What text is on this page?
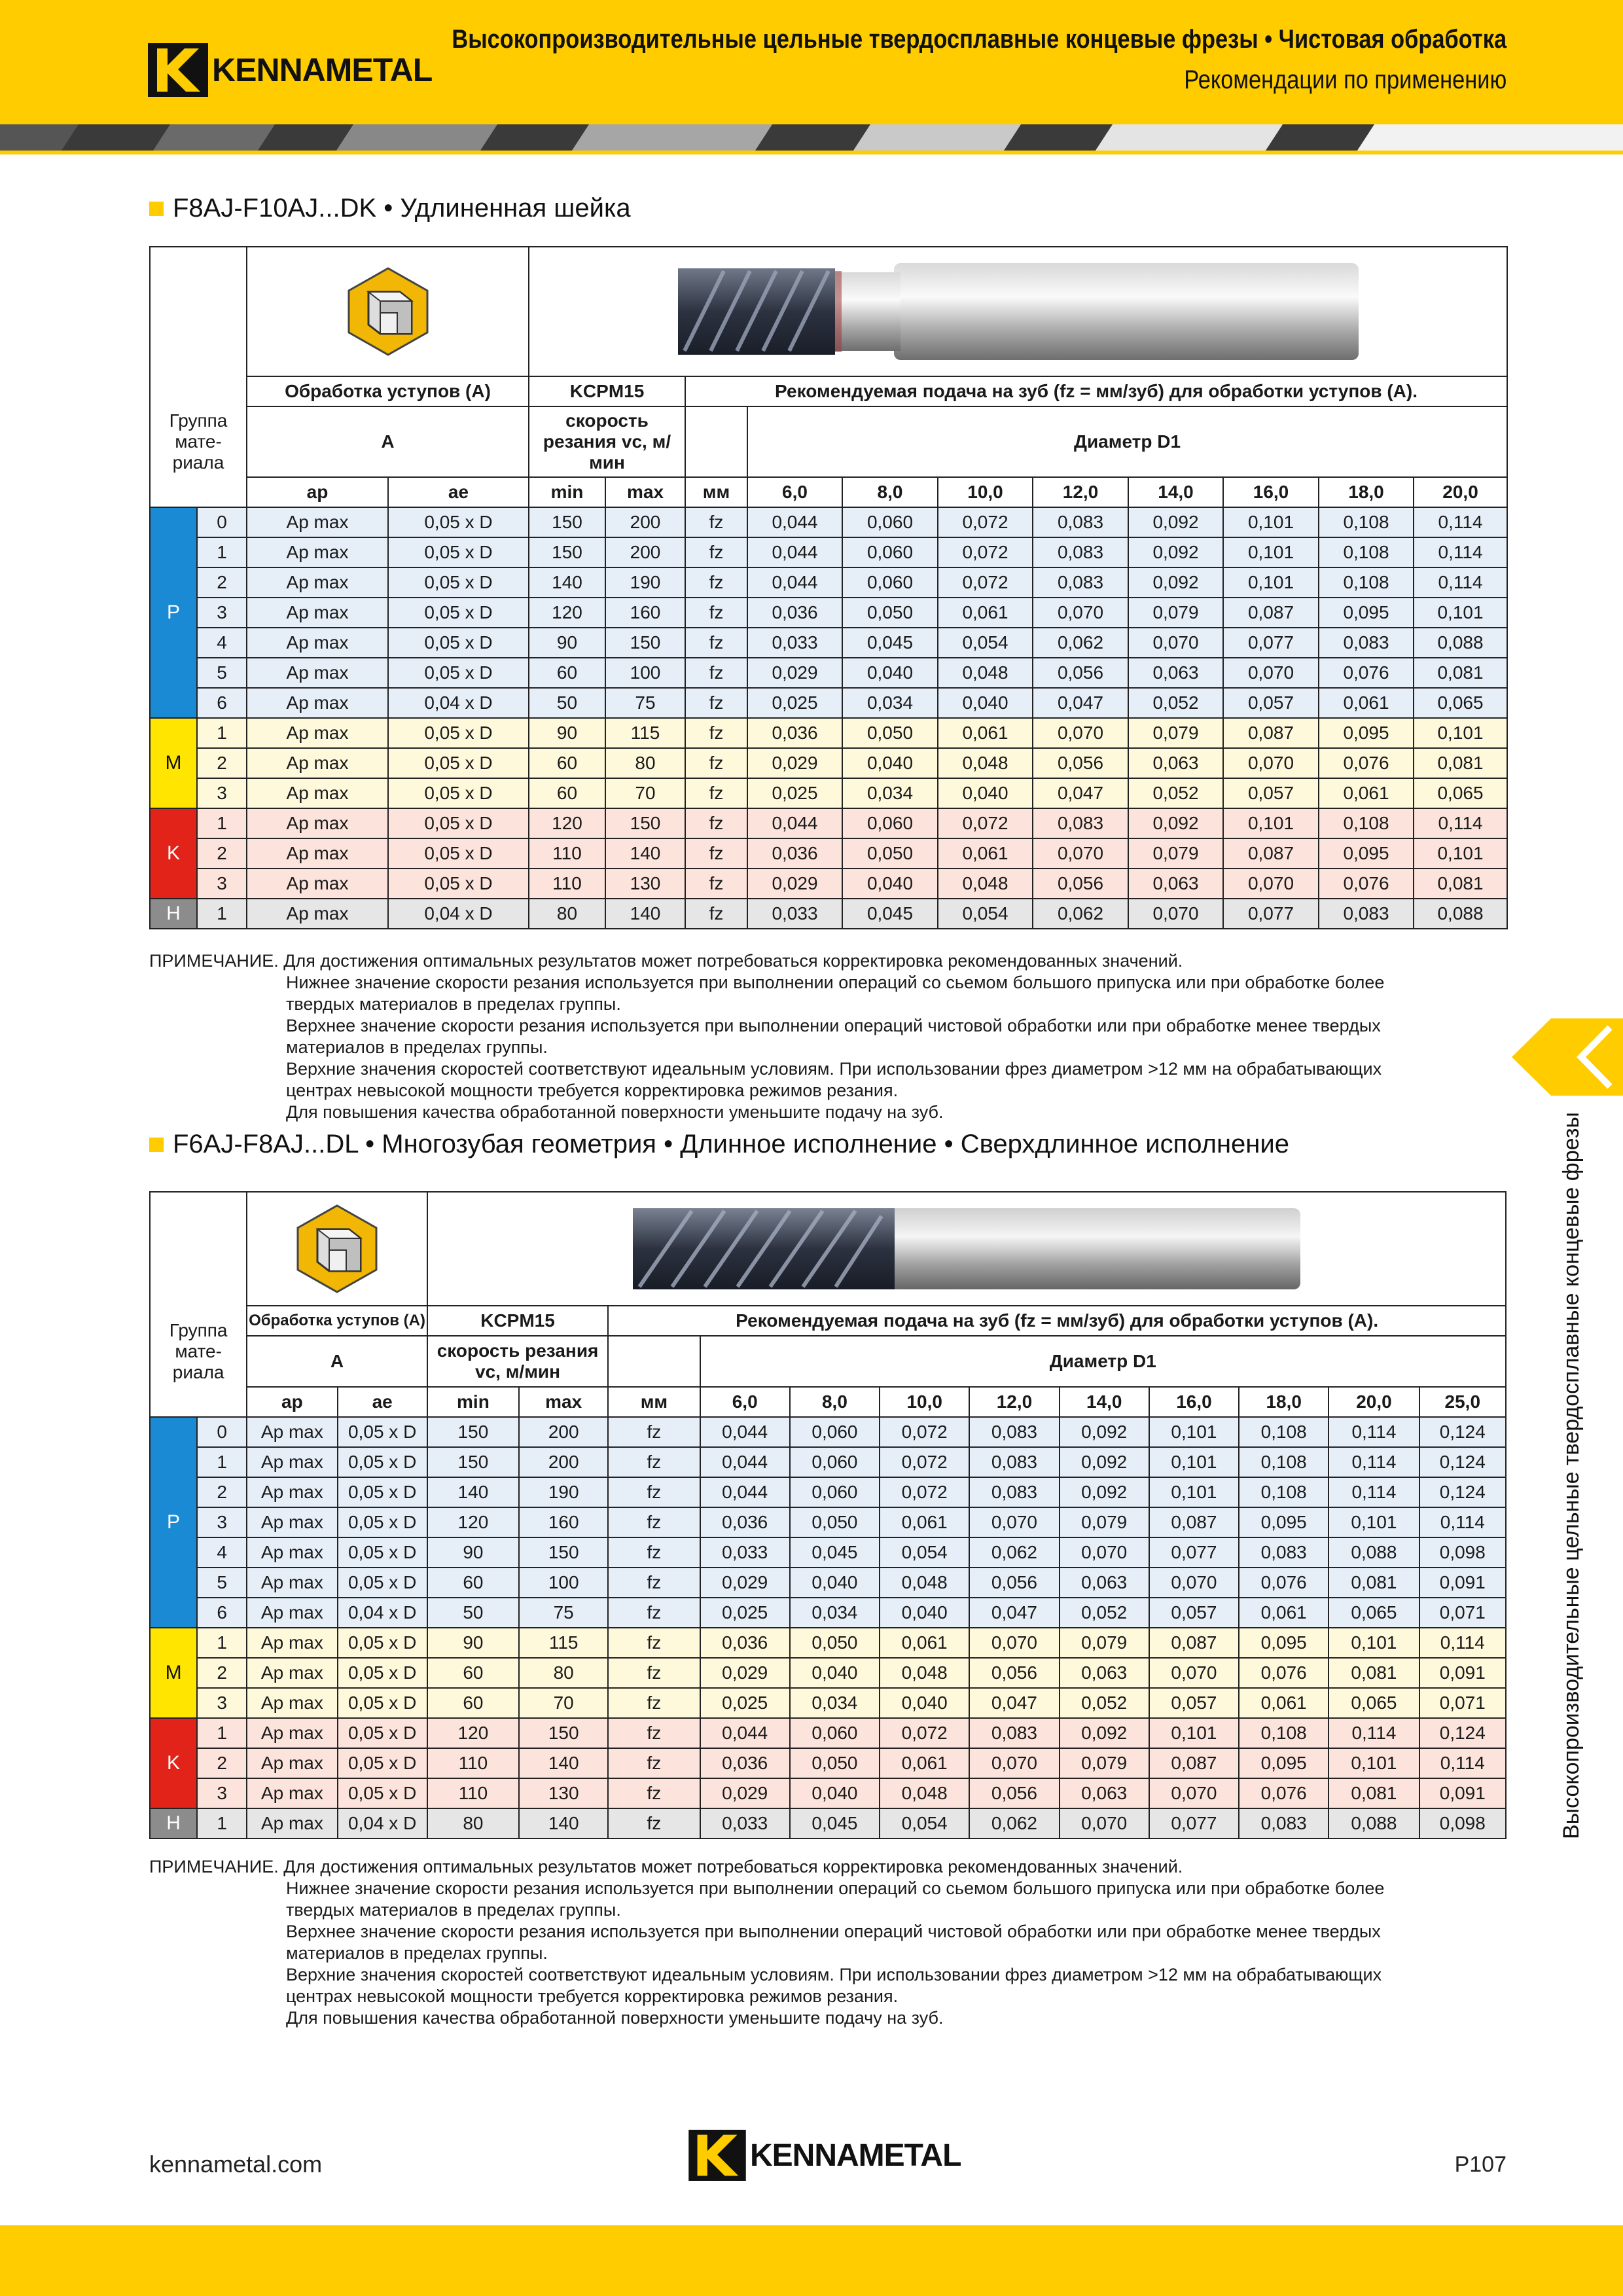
KENNAMETAL
Высокопроизводительные цельные твердосплавные концевые фрезы • Чистовая обработка
Рекомендации по применению
Высокопроизводительные цельные твердосплавные концевые фрезы
F8AJ-F10AJ...DK • Удлиненная шейка
Группа мате-риала	

		Обработка уступов (A)		KCPM15		Рекомендуемая подача на зуб (fz = мм/зуб) для обработки уступов (A).								
		A		скорость резания vc, м/мин			Диаметр D1							
		ap	ae	min	max	мм	6,0	8,0	10,0	12,0	14,0	16,0	18,0	20,0
P	0	Ap max	0,05 x D	150	200	fz	0,044	0,060	0,072	0,083	0,092	0,101	0,108	0,114
	1	Ap max	0,05 x D	150	200	fz	0,044	0,060	0,072	0,083	0,092	0,101	0,108	0,114
	2	Ap max	0,05 x D	140	190	fz	0,044	0,060	0,072	0,083	0,092	0,101	0,108	0,114
	3	Ap max	0,05 x D	120	160	fz	0,036	0,050	0,061	0,070	0,079	0,087	0,095	0,101
	4	Ap max	0,05 x D	90	150	fz	0,033	0,045	0,054	0,062	0,070	0,077	0,083	0,088
	5	Ap max	0,05 x D	60	100	fz	0,029	0,040	0,048	0,056	0,063	0,070	0,076	0,081
	6	Ap max	0,04 x D	50	75	fz	0,025	0,034	0,040	0,047	0,052	0,057	0,061	0,065
M	1	Ap max	0,05 x D	90	115	fz	0,036	0,050	0,061	0,070	0,079	0,087	0,095	0,101
	2	Ap max	0,05 x D	60	80	fz	0,029	0,040	0,048	0,056	0,063	0,070	0,076	0,081
	3	Ap max	0,05 x D	60	70	fz	0,025	0,034	0,040	0,047	0,052	0,057	0,061	0,065
K	1	Ap max	0,05 x D	120	150	fz	0,044	0,060	0,072	0,083	0,092	0,101	0,108	0,114
	2	Ap max	0,05 x D	110	140	fz	0,036	0,050	0,061	0,070	0,079	0,087	0,095	0,101
	3	Ap max	0,05 x D	110	130	fz	0,029	0,040	0,048	0,056	0,063	0,070	0,076	0,081
H	1	Ap max	0,04 x D	80	140	fz	0,033	0,045	0,054	0,062	0,070	0,077	0,083	0,088
ПРИМЕЧАНИЕ. Для достижения оптимальных результатов может потребоваться корректировка рекомендованных значений.
Нижнее значение скорости резания используется при выполнении операций со сьемом большого припуска или при обработке более
твердых материалов в пределах группы.
Верхнее значение скорости резания используется при выполнении операций чистовой обработки или при обработке менее твердых
материалов в пределах группы.
Верхние значения скоростей соответствуют идеальным условиям. При использовании фрез диаметром >12 мм на обрабатывающих
центрах невысокой мощности требуется корректировка режимов резания.
Для повышения качества обработанной поверхности уменьшите подачу на зуб.
F6AJ-F8AJ...DL • Многозубая геометрия • Длинное исполнение • Сверхдлинное исполнение
Группа мате-риала	

		Обработка уступов (A)		KCPM15		Рекомендуемая подача на зуб (fz = мм/зуб) для обработки уступов (A).									
		A		скорость резания vc, м/мин			Диаметр D1								
		ap	ae	min	max	мм	6,0	8,0	10,0	12,0	14,0	16,0	18,0	20,0	25,0
P	0	Ap max	0,05 x D	150	200	fz	0,044	0,060	0,072	0,083	0,092	0,101	0,108	0,114	0,124
	1	Ap max	0,05 x D	150	200	fz	0,044	0,060	0,072	0,083	0,092	0,101	0,108	0,114	0,124
	2	Ap max	0,05 x D	140	190	fz	0,044	0,060	0,072	0,083	0,092	0,101	0,108	0,114	0,124
	3	Ap max	0,05 x D	120	160	fz	0,036	0,050	0,061	0,070	0,079	0,087	0,095	0,101	0,114
	4	Ap max	0,05 x D	90	150	fz	0,033	0,045	0,054	0,062	0,070	0,077	0,083	0,088	0,098
	5	Ap max	0,05 x D	60	100	fz	0,029	0,040	0,048	0,056	0,063	0,070	0,076	0,081	0,091
	6	Ap max	0,04 x D	50	75	fz	0,025	0,034	0,040	0,047	0,052	0,057	0,061	0,065	0,071
M	1	Ap max	0,05 x D	90	115	fz	0,036	0,050	0,061	0,070	0,079	0,087	0,095	0,101	0,114
	2	Ap max	0,05 x D	60	80	fz	0,029	0,040	0,048	0,056	0,063	0,070	0,076	0,081	0,091
	3	Ap max	0,05 x D	60	70	fz	0,025	0,034	0,040	0,047	0,052	0,057	0,061	0,065	0,071
K	1	Ap max	0,05 x D	120	150	fz	0,044	0,060	0,072	0,083	0,092	0,101	0,108	0,114	0,124
	2	Ap max	0,05 x D	110	140	fz	0,036	0,050	0,061	0,070	0,079	0,087	0,095	0,101	0,114
	3	Ap max	0,05 x D	110	130	fz	0,029	0,040	0,048	0,056	0,063	0,070	0,076	0,081	0,091
H	1	Ap max	0,04 x D	80	140	fz	0,033	0,045	0,054	0,062	0,070	0,077	0,083	0,088	0,098
ПРИМЕЧАНИЕ. Для достижения оптимальных результатов может потребоваться корректировка рекомендованных значений.
Нижнее значение скорости резания используется при выполнении операций со сьемом большого припуска или при обработке более
твердых материалов в пределах группы.
Верхнее значение скорости резания используется при выполнении операций чистовой обработки или при обработке менее твердых
материалов в пределах группы.
Верхние значения скоростей соответствуют идеальным условиям. При использовании фрез диаметром >12 мм на обрабатывающих
центрах невысокой мощности требуется корректировка режимов резания.
Для повышения качества обработанной поверхности уменьшите подачу на зуб.
kennametal.com	KENNAMETAL	P107
